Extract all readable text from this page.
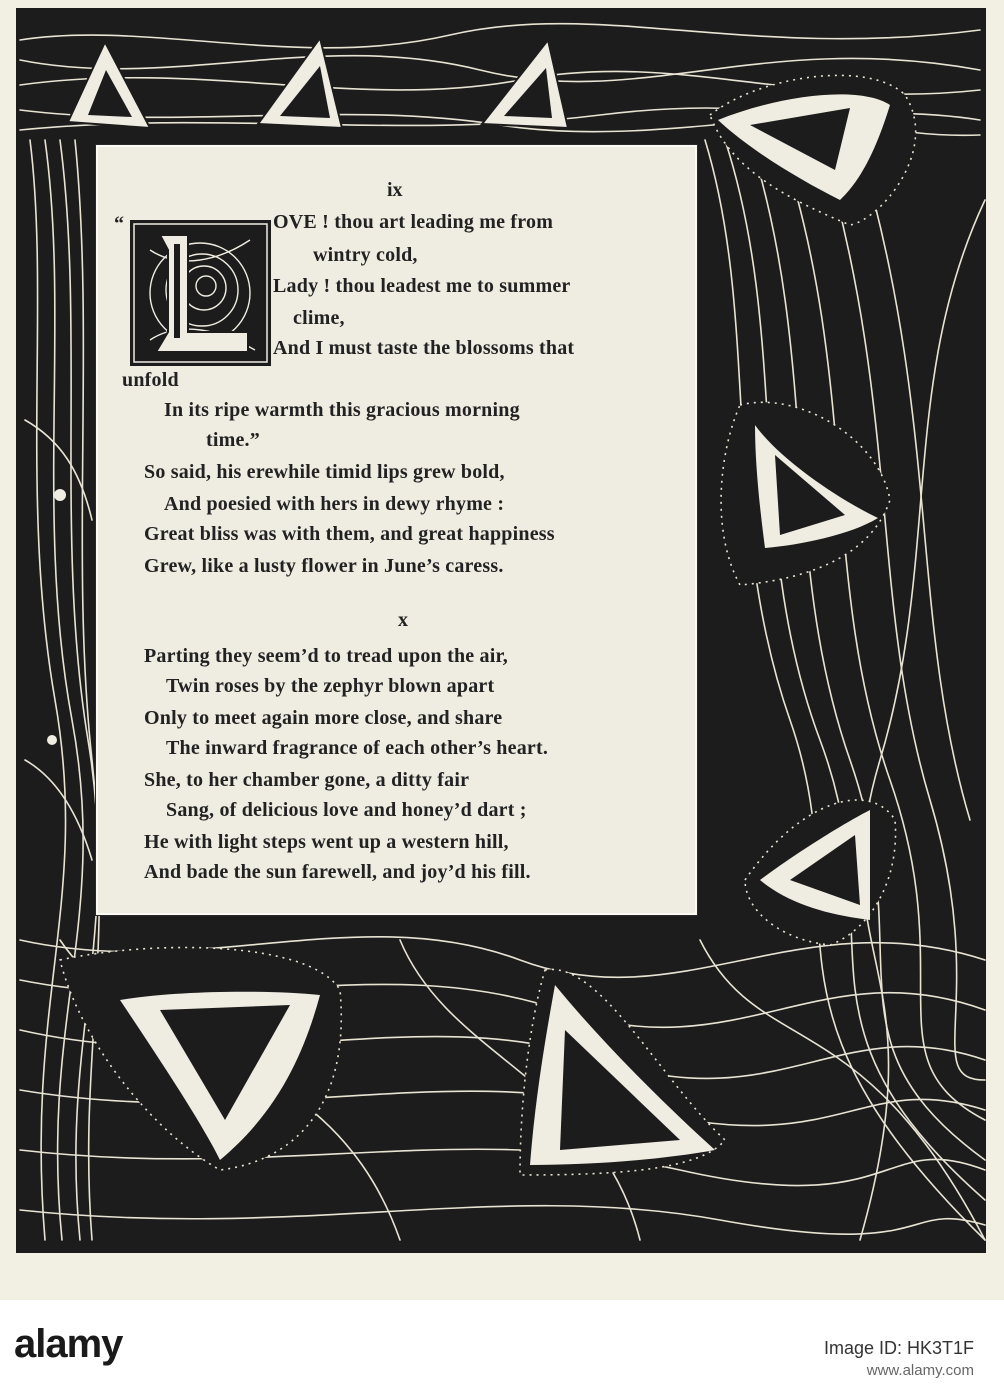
“
ix
OVE ! thou art leading me from
wintry cold,
Lady ! thou leadest me to summer
clime,
And I must taste the blossoms that
unfold
In its ripe warmth this gracious morning
time.”
So said, his erewhile timid lips grew bold,
And poesied with hers in dewy rhyme :
Great bliss was with them, and great happiness
Grew, like a lusty flower in June’s caress.
x
Parting they seem’d to tread upon the air,
Twin roses by the zephyr blown apart
Only to meet again more close, and share
The inward fragrance of each other’s heart.
She, to her chamber gone, a ditty fair
Sang, of delicious love and honey’d dart ;
He with light steps went up a western hill,
And bade the sun farewell, and joy’d his fill.
alamy	Image ID: HK3T1F
www.alamy.com
